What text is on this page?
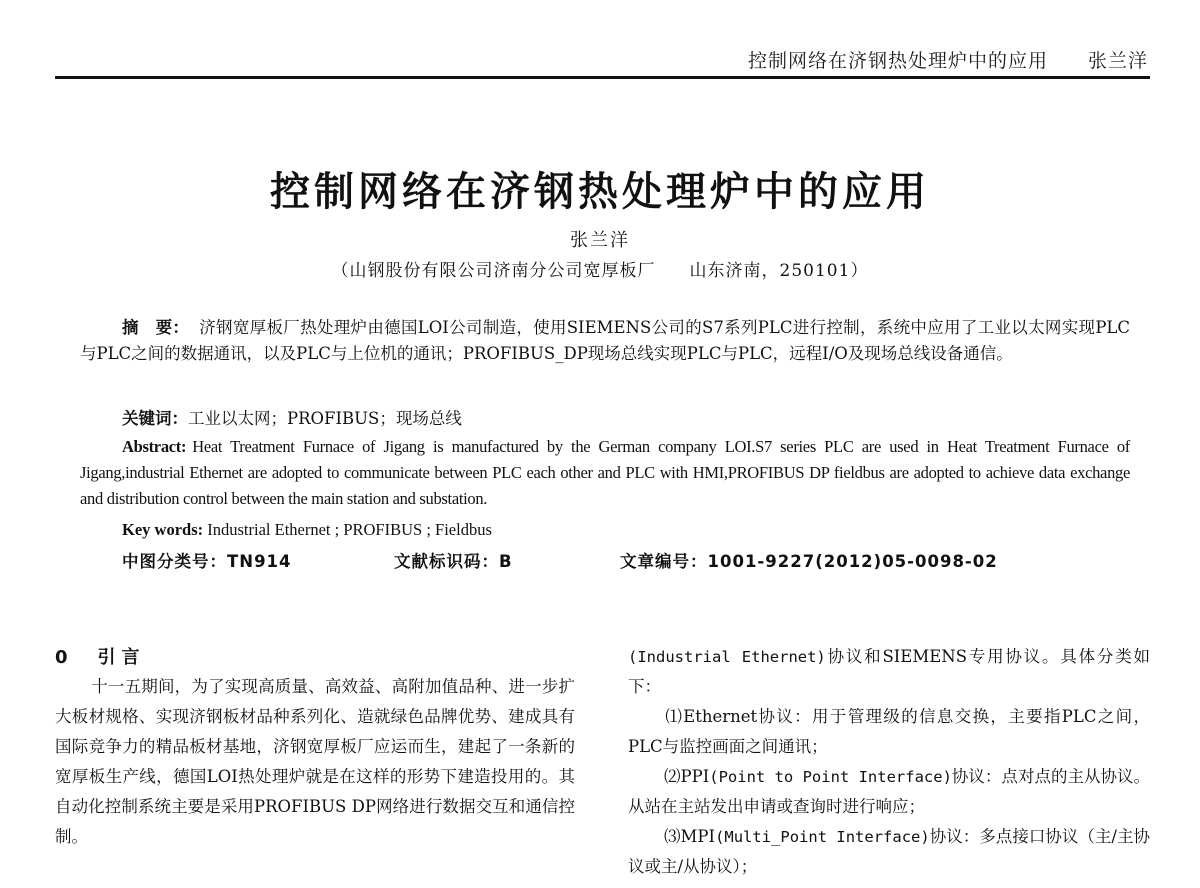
控制网络在济钢热处理炉中的应用 张兰洋
控制网络在济钢热处理炉中的应用
张兰洋
（山钢股份有限公司济南分公司宽厚板厂 山东济南，250101）
摘　要： 济钢宽厚板厂热处理炉由德国LOI公司制造，使用SIEMENS公司的S7系列PLC进行控制，系统中应用了工业以太网实现PLC与PLC之间的数据通讯，以及PLC与上位机的通讯；PROFIBUS_DP现场总线实现PLC与PLC，远程I/O及现场总线设备通信。
关键词：工业以太网；PROFIBUS；现场总线
Abstract: Heat Treatment Furnace of Jigang is manufactured by the German company LOI.S7 series PLC are used in Heat Treatment Furnace of Jigang,industrial Ethernet are adopted to communicate between PLC each other and PLC with HMI,PROFIBUS DP fieldbus are adopted to achieve data exchange and distribution control between the main station and substation.
Key words: Industrial Ethernet ; PROFIBUS ; Fieldbus
中图分类号：TN914	文献标识码：B	文章编号：1001-9227(2012)05-0098-02
0　引言
十一五期间，为了实现高质量、高效益、高附加值品种、进一步扩大板材规格、实现济钢板材品种系列化、造就绿色品牌优势、建成具有国际竞争力的精品板材基地，济钢宽厚板厂应运而生，建起了一条新的宽厚板生产线，德国LOI热处理炉就是在这样的形势下建造投用的。其自动化控制系统主要是采用PROFIBUS DP网络进行数据交互和通信控制。

(Industrial Ethernet)协议和SIEMENS专用协议。具体分类如下：

⑴Ethernet协议：用于管理级的信息交换，主要指PLC之间，PLC与监控画面之间通讯；

⑵PPI(Point to Point Interface)协议：点对点的主从协议。从站在主站发出申请或查询时进行响应；

⑶MPI(Multi_Point Interface)协议：多点接口协议（主/主协议或主/从协议）；
